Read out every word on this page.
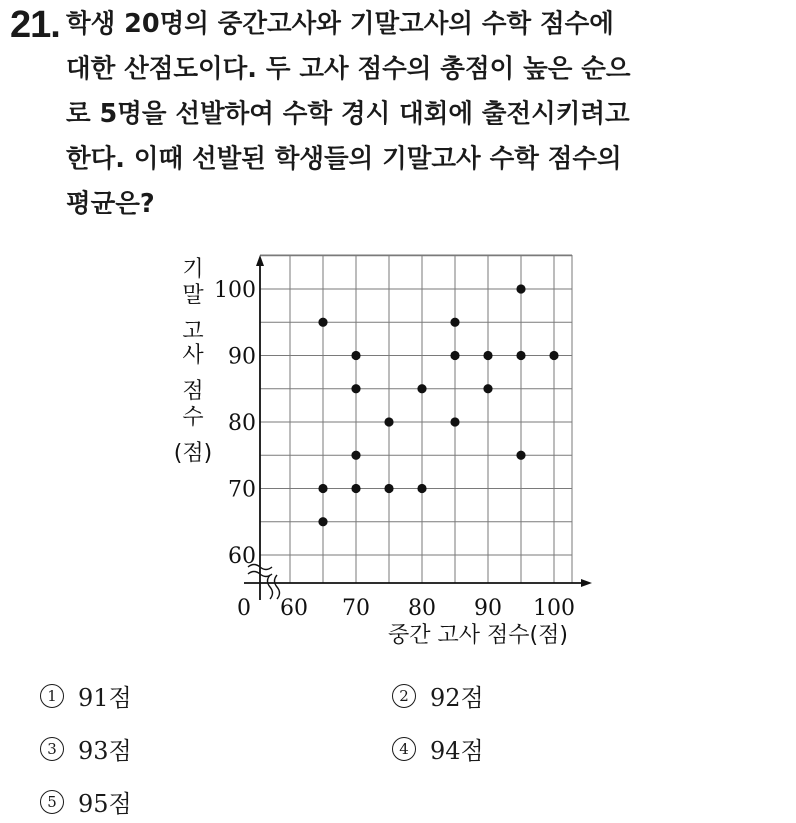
21. 학생 20명의 중간고사와 기말고사의 수학 점수에
대한 산점도이다. 두 고사 점수의 총점이 높은 순으
로 5명을 선발하여 수학 경시 대회에 출전시키려고
한다. 이때 선발된 학생들의 기말고사 수학 점수의
평균은?

60 70 80 90 100
60
70
80
90
100
0
중간 고사 점수(점)
기
말
고
사
점
수
(점)
1 91점	2 92점
3 93점	4 94점
5 95점
